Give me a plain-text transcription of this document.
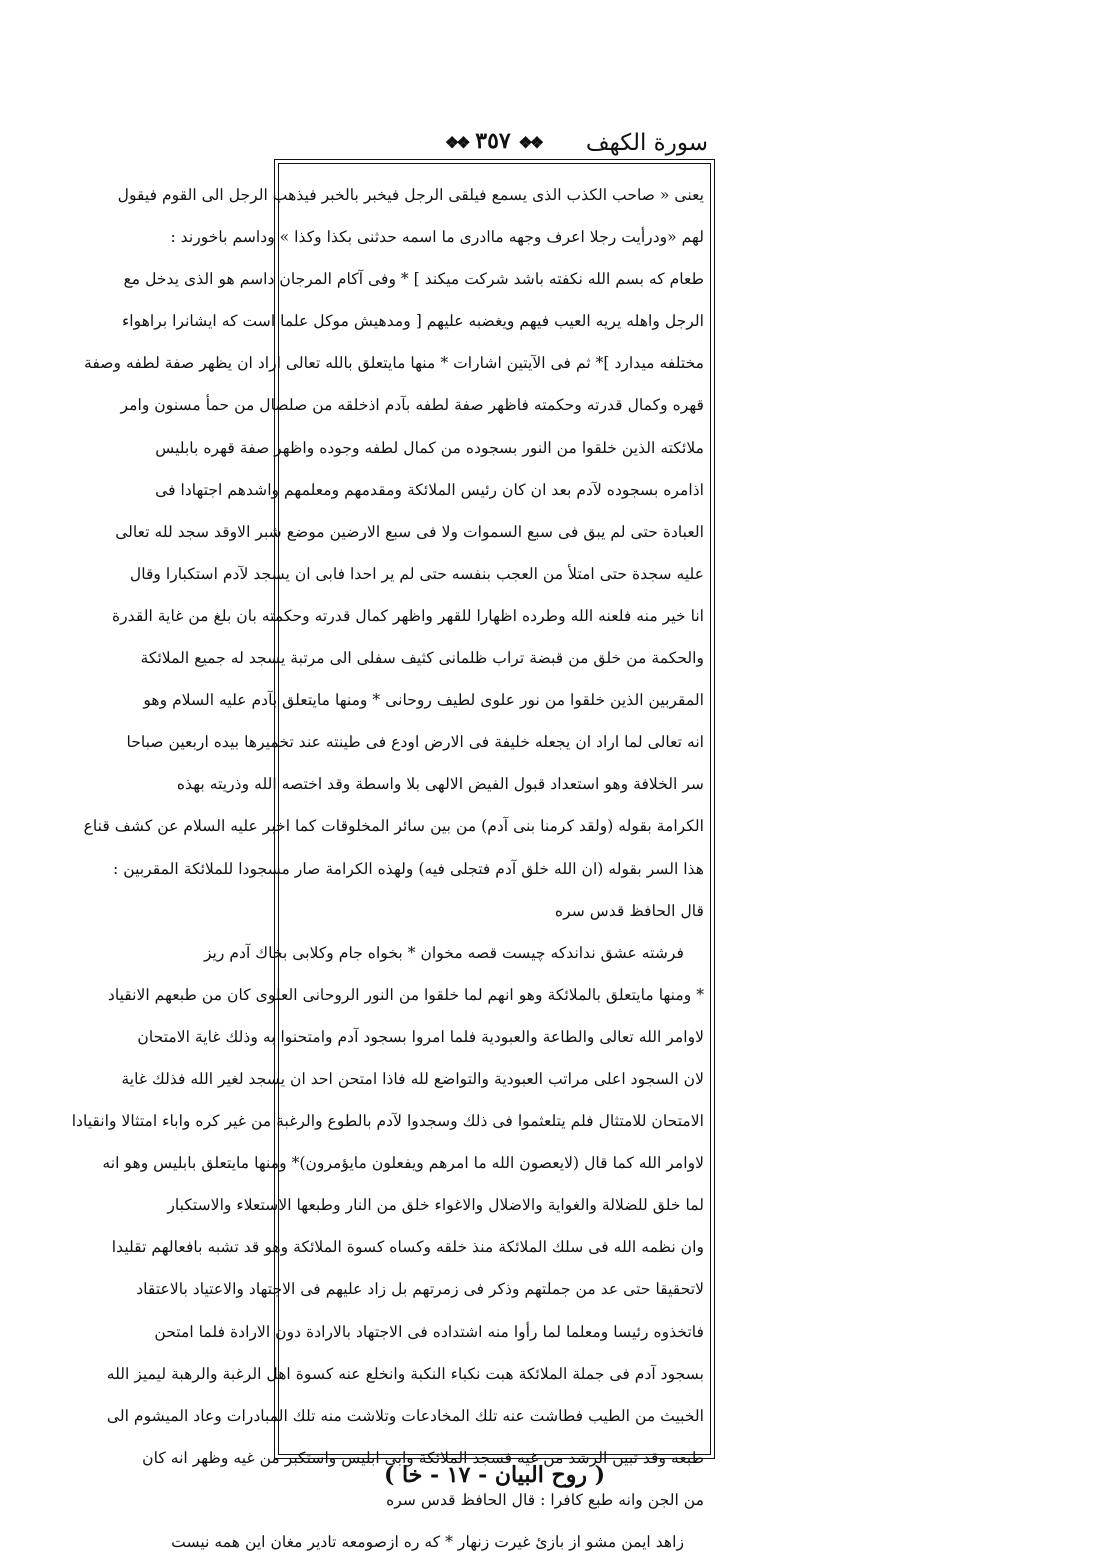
سورة الكهف
❖❖ ٣٥٧ ❖❖
يعنى « صاحب الكذب الذى يسمع فيلقى الرجل فيخبر بالخبر فيذهب الرجل الى القوم فيقول
لهم «ودرأيت رجلا اعرف وجهه ماادرى ما اسمه حدثنى بكذا وكذا » وداسم باخورند :
طعام كه بسم الله نكفته باشد شركت ميكند ] * وفى آكام المرجان داسم هو الذى يدخل مع
الرجل واهله يريه العيب فيهم ويغضبه عليهم [ ومدهيش موكل علما است كه ايشانرا براهواء
مختلفه ميدارد ]* ثم فى الآيتين اشارات * منها مايتعلق بالله تعالى اراد ان يظهر صفة لطفه وصفة
قهره وكمال قدرته وحكمته فاظهر صفة لطفه بآدم اذخلقه من صلصال من حمأ مسنون وامر
ملائكته الذين خلقوا من النور بسجوده من كمال لطفه وجوده واظهر صفة قهره بابليس
اذامره بسجوده لآدم بعد ان كان رئيس الملائكة ومقدمهم ومعلمهم واشدهم اجتهادا فى
العبادة حتى لم يبق فى سبع السموات ولا فى سبع الارضين موضع شبر الاوقد سجد لله تعالى
عليه سجدة حتى امتلأ من العجب بنفسه حتى لم ير احدا فابى ان يسجد لآدم استكبارا وقال
انا خير منه فلعنه الله وطرده اظهارا للقهر واظهر كمال قدرته وحكمته بان بلغ من غاية القدرة
والحكمة من خلق من قبضة تراب ظلمانى كثيف سفلى الى مرتبة يسجد له جميع الملائكة
المقربين الذين خلقوا من نور علوى لطيف روحانى * ومنها مايتعلق بآدم عليه السلام وهو
انه تعالى لما اراد ان يجعله خليفة فى الارض اودع فى طينته عند تخميرها بيده اربعين صباحا
سر الخلافة وهو استعداد قبول الفيض الالهى بلا واسطة وقد اختصه الله وذريته بهذه
الكرامة بقوله (ولقد كرمنا بنى آدم) من بين سائر المخلوقات كما اخبر عليه السلام عن كشف قناع
هذا السر بقوله (ان الله خلق آدم فتجلى فيه) ولهذه الكرامة صار مسجودا للملائكة المقربين :
قال الحافظ قدس سره
فرشته عشق نداندكه چيست قصه مخوان * بخواه جام وكلابى بخاك آدم ريز
* ومنها مايتعلق بالملائكة وهو انهم لما خلقوا من النور الروحانى العلوى كان من طبعهم الانقياد
لاوامر الله تعالى والطاعة والعبودية فلما امروا بسجود آدم وامتحنوا به وذلك غاية الامتحان
لان السجود اعلى مراتب العبودية والتواضع لله فاذا امتحن احد ان يسجد لغير الله فذلك غاية
الامتحان للامتثال فلم يتلعثموا فى ذلك وسجدوا لآدم بالطوع والرغبة من غير كره واباء امتثالا وانقيادا
لاوامر الله كما قال (لايعصون الله ما امرهم ويفعلون مايؤمرون)* ومنها مايتعلق بابليس وهو انه
لما خلق للضلالة والغواية والاضلال والاغواء خلق من النار وطبعها الاستعلاء والاستكبار
وان نظمه الله فى سلك الملائكة منذ خلقه وكساه كسوة الملائكة وهو قد تشبه بافعالهم تقليدا
لاتحقيقا حتى عد من جملتهم وذكر فى زمرتهم بل زاد عليهم فى الاجتهاد والاعتياد بالاعتقاد
فاتخذوه رئيسا ومعلما لما رأوا منه اشتداده فى الاجتهاد بالارادة دون الارادة فلما امتحن
بسجود آدم فى جملة الملائكة هبت نكباء النكبة وانخلع عنه كسوة اهل الرغبة والرهبة ليميز الله
الخبيث من الطيب فطاشت عنه تلك المخادعات وتلاشت منه تلك المبادرات وعاد الميشوم الى
طبعه وقد تبين الرشد من غيه فسجد الملائكة وابى ابليس واستكبر من غيه وظهر انه كان
من الجن وانه طبع كافرا : قال الحافظ قدس سره
زاهد ايمن مشو از بازئ غيرت زنهار * كه ره ازصومعه تادير مغان اين همه نيست
( روح البيان - ١٧ - خا )
